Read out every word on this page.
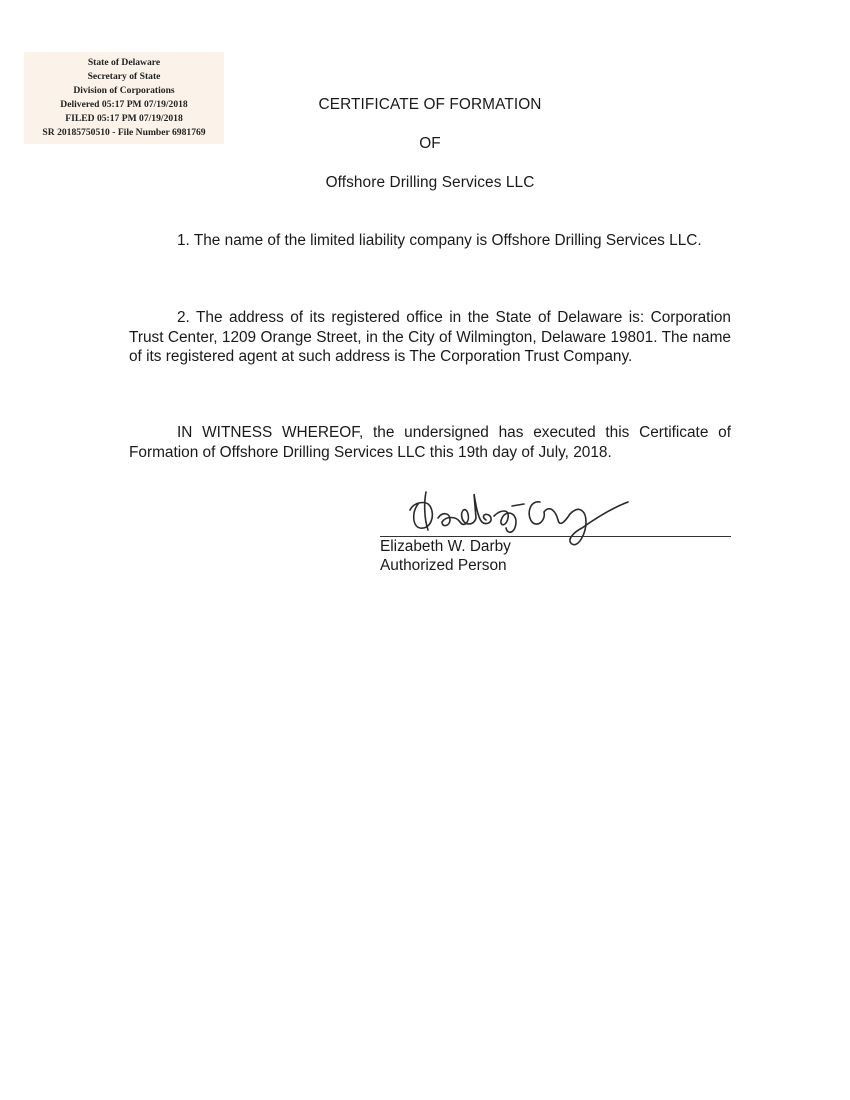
State of Delaware
Secretary of State
Division of Corporations
Delivered 05:17 PM 07/19/2018
FILED 05:17 PM 07/19/2018
SR 20185750510 - File Number 6981769
CERTIFICATE OF FORMATION
OF
Offshore Drilling Services LLC
1. The name of the limited liability company is Offshore Drilling Services LLC.
2. The address of its registered office in the State of Delaware is: Corporation Trust Center, 1209 Orange Street, in the City of Wilmington, Delaware 19801. The name of its registered agent at such address is The Corporation Trust Company.
IN WITNESS WHEREOF, the undersigned has executed this Certificate of Formation of Offshore Drilling Services LLC this 19th day of July, 2018.
Elizabeth W. Darby
Authorized Person
